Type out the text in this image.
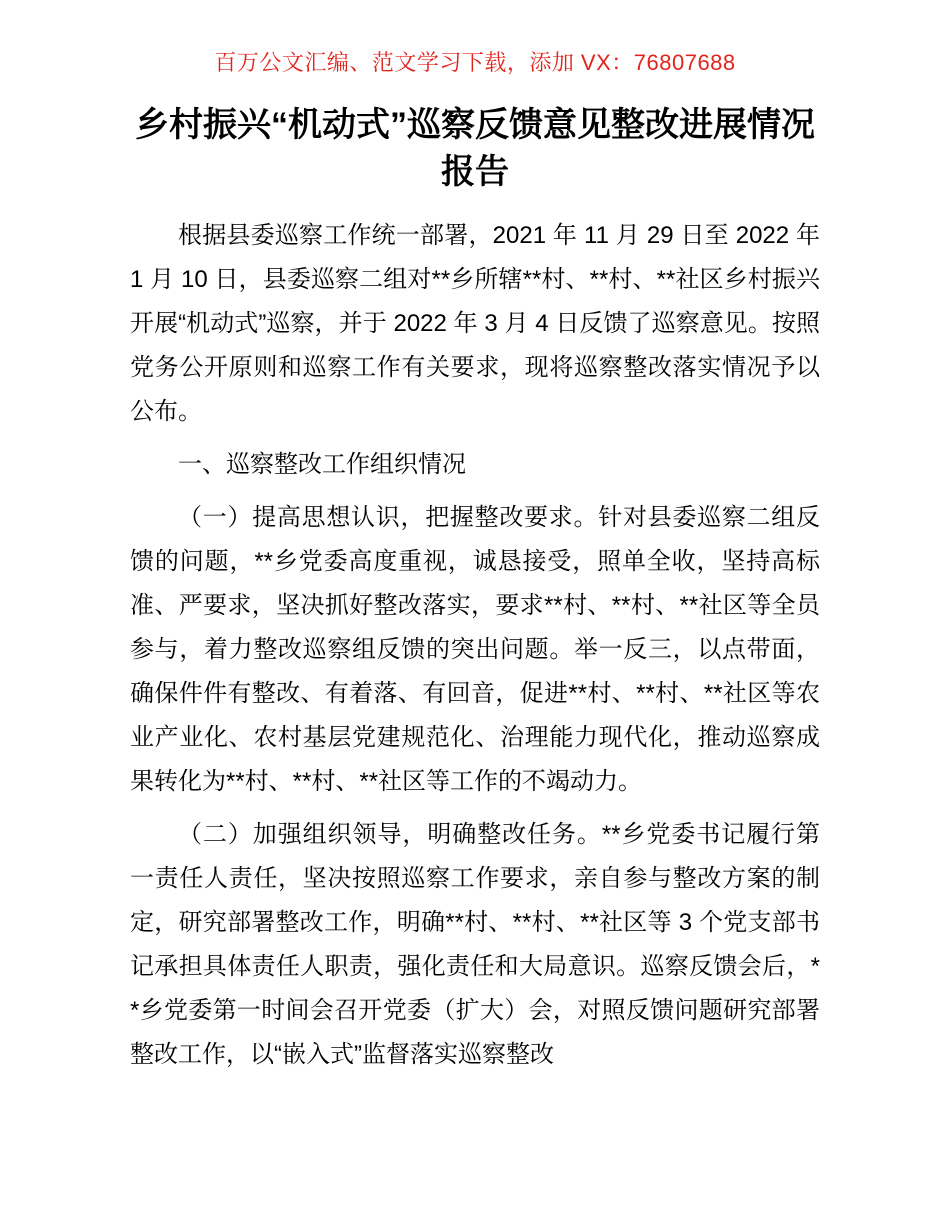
百万公文汇编、范文学习下载，添加 VX：76807688
乡村振兴“机动式”巡察反馈意见整改进展情况报告

根据县委巡察工作统一部署，2021 年 11 月 29 日至 2022 年 1 月 10 日，县委巡察二组对**乡所辖**村、**村、**社区乡村振兴开展“机动式”巡察，并于 2022 年 3 月 4 日反馈了巡察意见。按照党务公开原则和巡察工作有关要求，现将巡察整改落实情况予以公布。

一、巡察整改工作组织情况

（一）提高思想认识，把握整改要求。针对县委巡察二组反馈的问题，**乡党委高度重视，诚恳接受，照单全收，坚持高标准、严要求，坚决抓好整改落实，要求**村、**村、**社区等全员参与，着力整改巡察组反馈的突出问题。举一反三，以点带面，确保件件有整改、有着落、有回音，促进**村、**村、**社区等农业产业化、农村基层党建规范化、治理能力现代化，推动巡察成果转化为**村、**村、**社区等工作的不竭动力。

（二）加强组织领导，明确整改任务。**乡党委书记履行第一责任人责任，坚决按照巡察工作要求，亲自参与整改方案的制定，研究部署整改工作，明确**村、**村、**社区等 3 个党支部书记承担具体责任人职责，强化责任和大局意识。巡察反馈会后，**乡党委第一时间会召开党委（扩大）会，对照反馈问题研究部署整改工作，以“嵌入式”监督落实巡察整改
